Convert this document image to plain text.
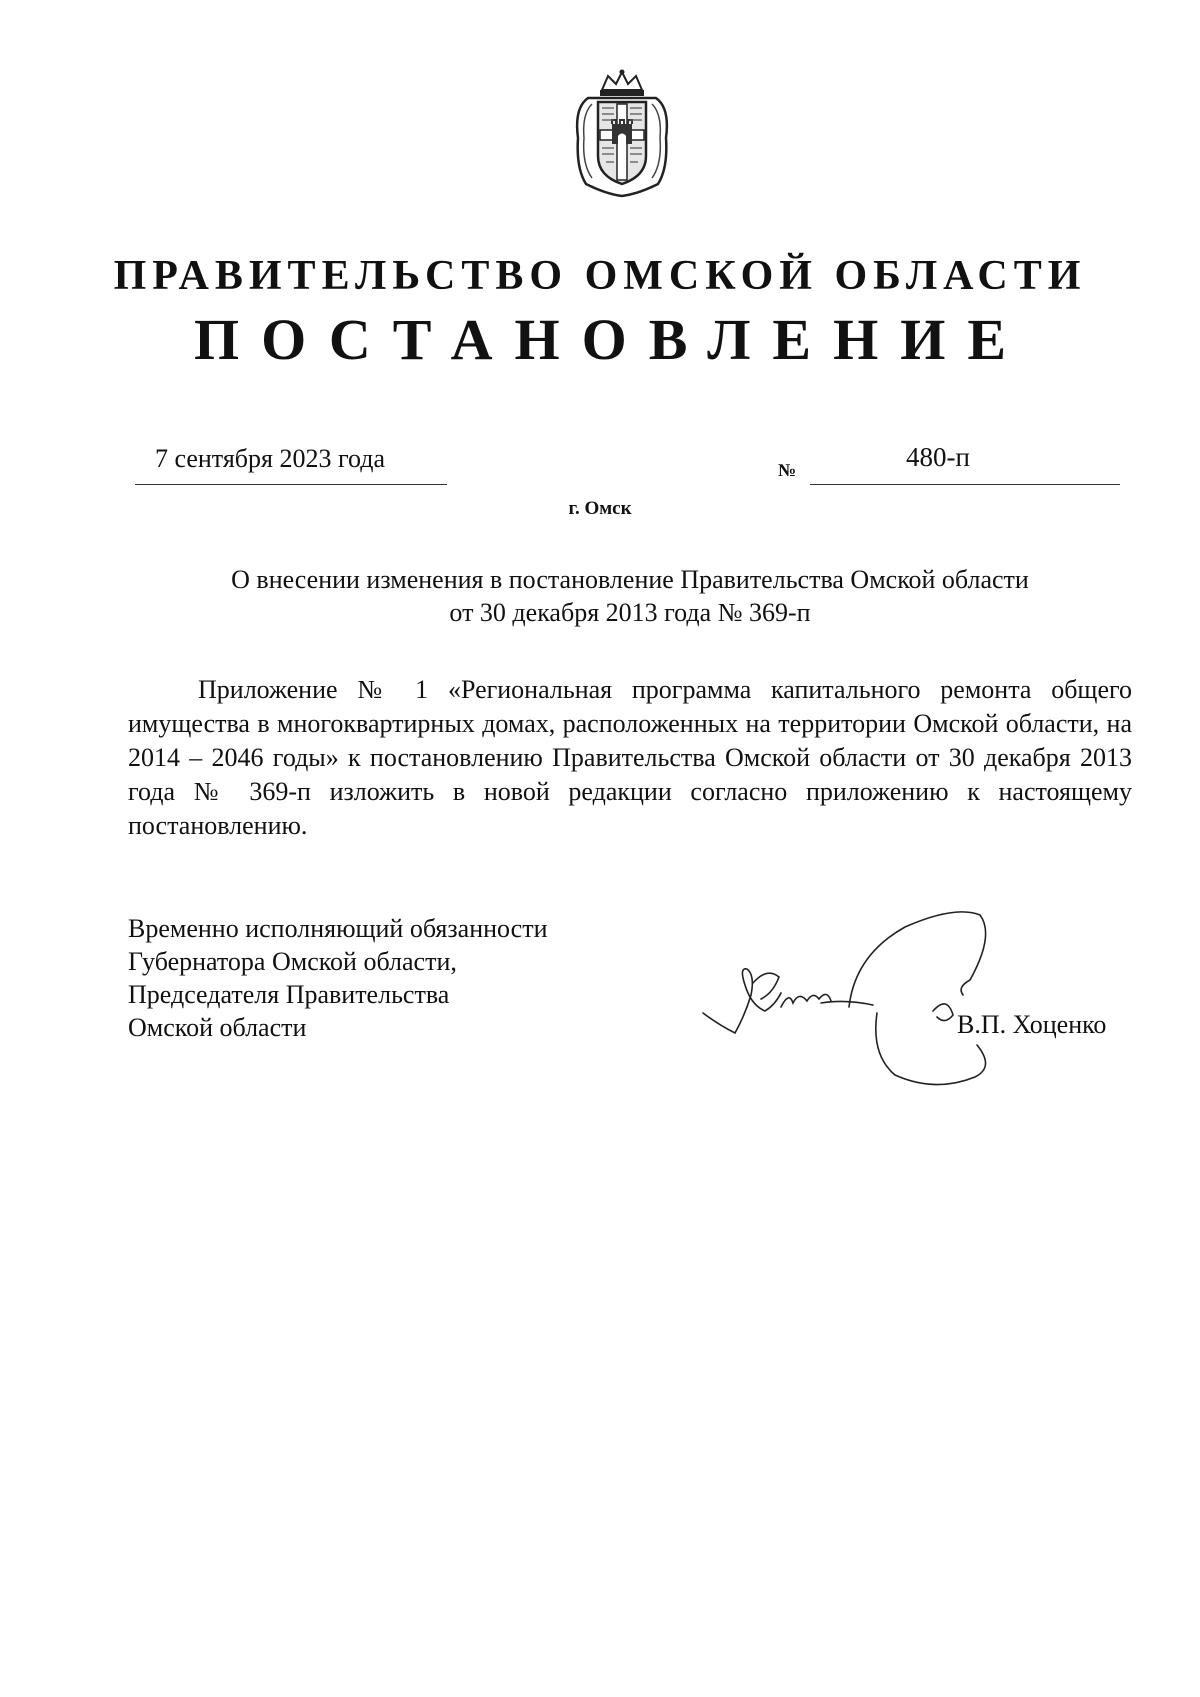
ПРАВИТЕЛЬСТВО ОМСКОЙ ОБЛАСТИ
ПОСТАНОВЛЕНИЕ
7 сентября 2023 года	№	480-п
г. Омск
О внесении изменения в постановление Правительства Омской области
от 30 декабря 2013 года № 369-п

Приложение № 1 «Региональная программа капитального ремонта общего имущества в многоквартирных домах, расположенных на территории Омской области, на 2014 – 2046 годы» к постановлению Правительства Омской области от 30 декабря 2013 года № 369-п изложить в новой редакции согласно приложению к настоящему постановлению.

Временно исполняющий обязанности
Губернатора Омской области,
Председателя Правительства
Омской области	В.П. Хоценко
